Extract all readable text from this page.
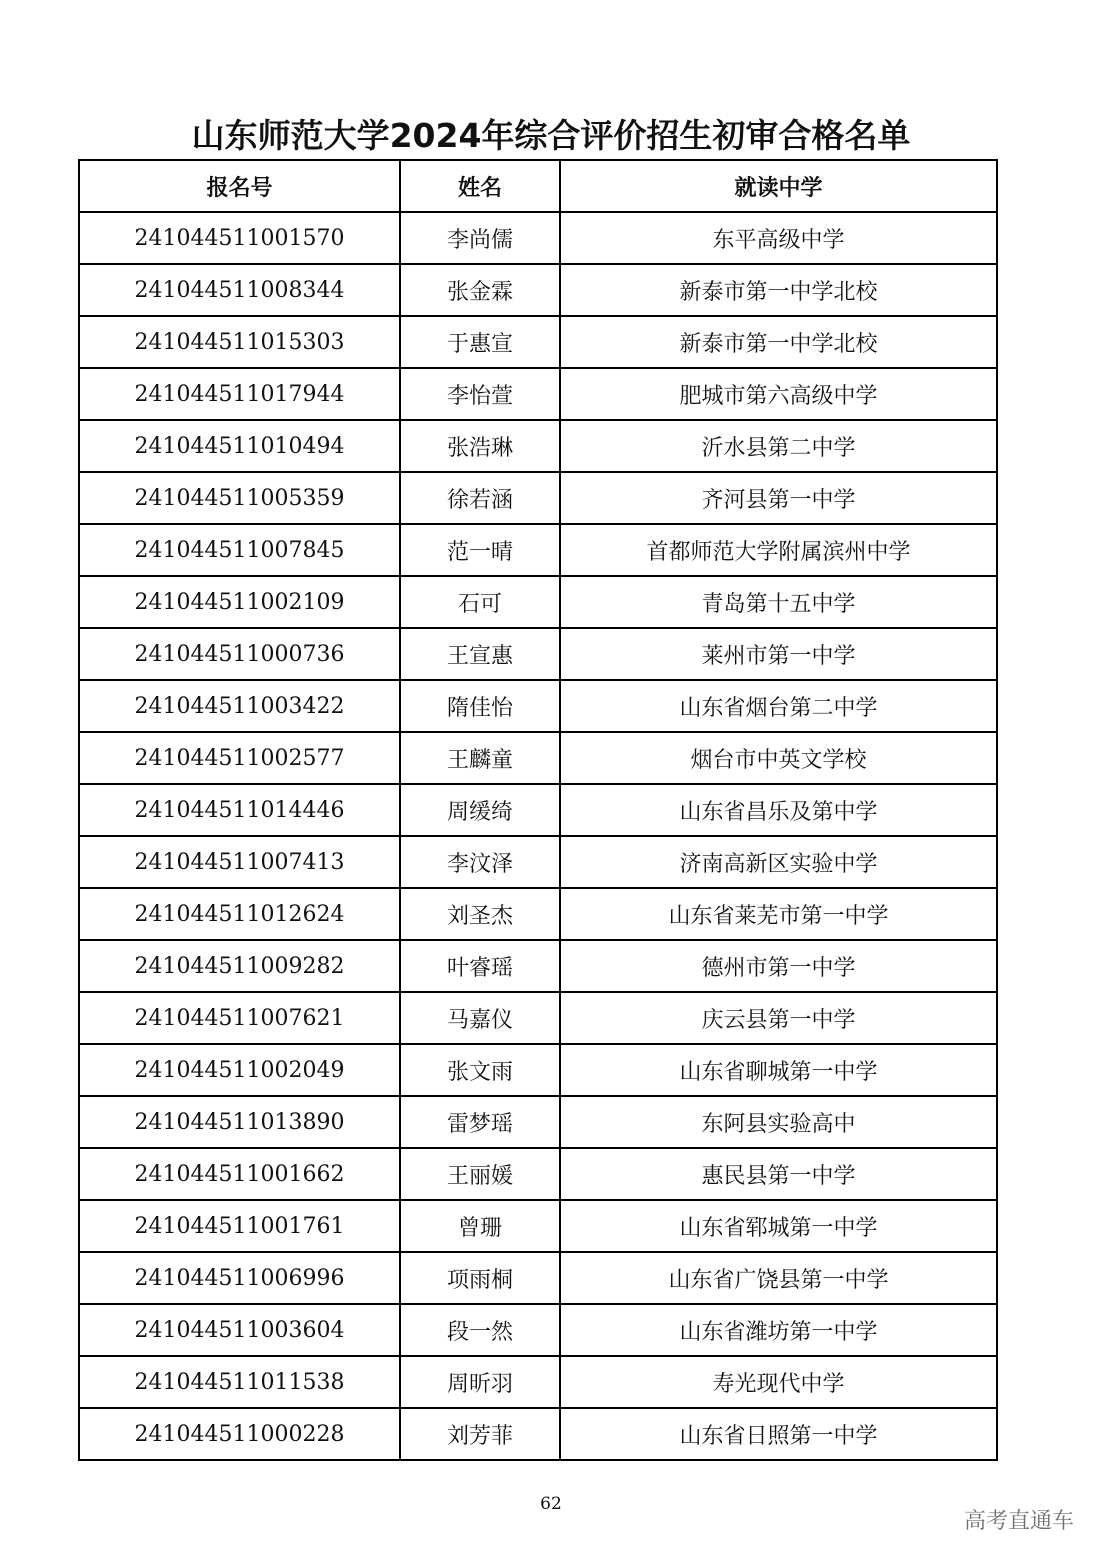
山东师范大学2024年综合评价招生初审合格名单
报名号	姓名	就读中学
241044511001570	李尚儒	东平高级中学
241044511008344	张金霖	新泰市第一中学北校
241044511015303	于惠宣	新泰市第一中学北校
241044511017944	李怡萱	肥城市第六高级中学
241044511010494	张浩琳	沂水县第二中学
241044511005359	徐若涵	齐河县第一中学
241044511007845	范一晴	首都师范大学附属滨州中学
241044511002109	石可	青岛第十五中学
241044511000736	王宣惠	莱州市第一中学
241044511003422	隋佳怡	山东省烟台第二中学
241044511002577	王麟童	烟台市中英文学校
241044511014446	周缓绮	山东省昌乐及第中学
241044511007413	李汶泽	济南高新区实验中学
241044511012624	刘圣杰	山东省莱芜市第一中学
241044511009282	叶睿瑶	德州市第一中学
241044511007621	马嘉仪	庆云县第一中学
241044511002049	张文雨	山东省聊城第一中学
241044511013890	雷梦瑶	东阿县实验高中
241044511001662	王丽媛	惠民县第一中学
241044511001761	曾珊	山东省郓城第一中学
241044511006996	项雨桐	山东省广饶县第一中学
241044511003604	段一然	山东省潍坊第一中学
241044511011538	周昕羽	寿光现代中学
241044511000228	刘芳菲	山东省日照第一中学
62
高考直通车
